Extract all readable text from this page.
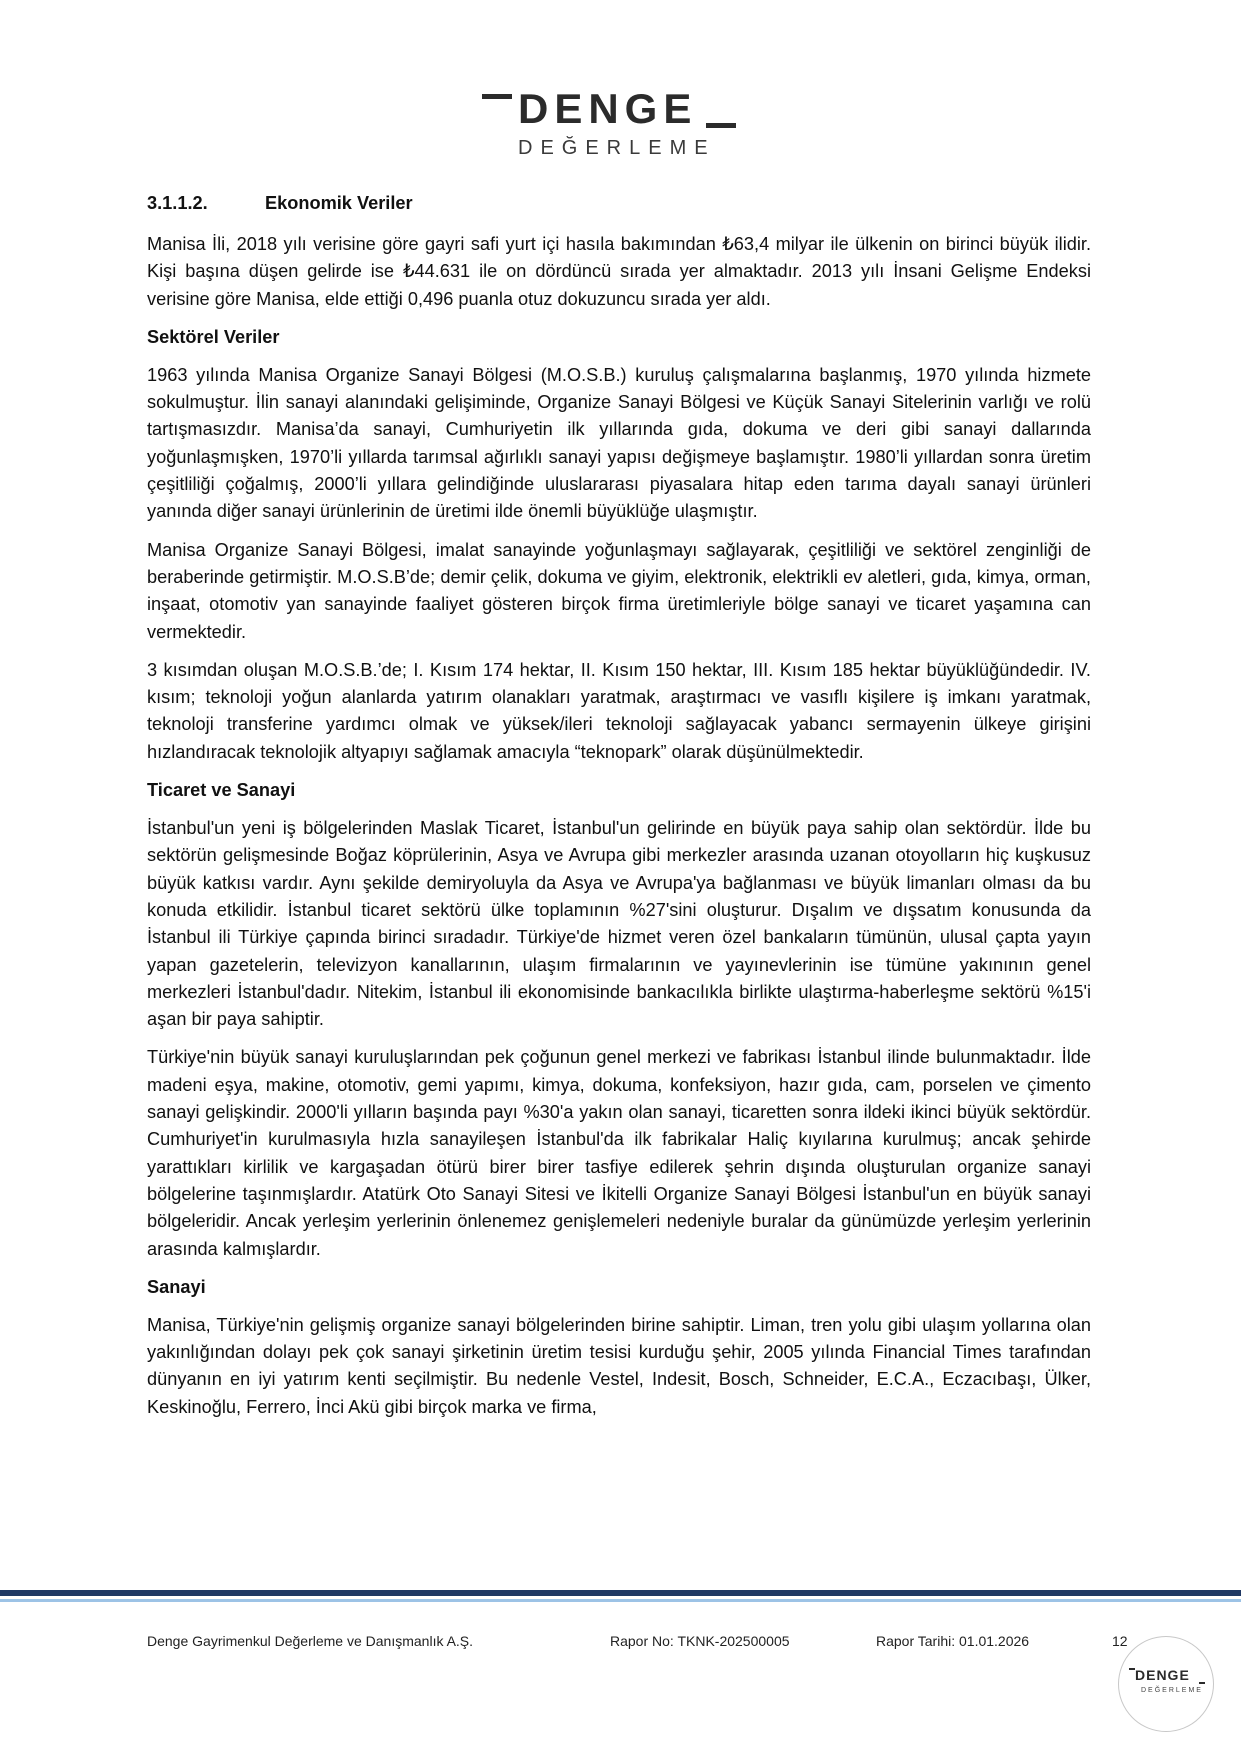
DENGE
DEĞERLEME
3.1.1.2.	Ekonomik Veriler

Manisa İli, 2018 yılı verisine göre gayri safi yurt içi hasıla bakımından ₺63,4 milyar ile ülkenin on birinci büyük ilidir. Kişi başına düşen gelirde ise ₺44.631 ile on dördüncü sırada yer almaktadır. 2013 yılı İnsani Gelişme Endeksi verisine göre Manisa, elde ettiği 0,496 puanla otuz dokuzuncu sırada yer aldı.

Sektörel Veriler

1963 yılında Manisa Organize Sanayi Bölgesi (M.O.S.B.) kuruluş çalışmalarına başlanmış, 1970 yılında hizmete sokulmuştur. İlin sanayi alanındaki gelişiminde, Organize Sanayi Bölgesi ve Küçük Sanayi Sitelerinin varlığı ve rolü tartışmasızdır. Manisa’da sanayi, Cumhuriyetin ilk yıllarında gıda, dokuma ve deri gibi sanayi dallarında yoğunlaşmışken, 1970’li yıllarda tarımsal ağırlıklı sanayi yapısı değişmeye başlamıştır. 1980’li yıllardan sonra üretim çeşitliliği çoğalmış, 2000’li yıllara gelindiğinde uluslararası piyasalara hitap eden tarıma dayalı sanayi ürünleri yanında diğer sanayi ürünlerinin de üretimi ilde önemli büyüklüğe ulaşmıştır.

Manisa Organize Sanayi Bölgesi, imalat sanayinde yoğunlaşmayı sağlayarak, çeşitliliği ve sektörel zenginliği de beraberinde getirmiştir. M.O.S.B’de; demir çelik, dokuma ve giyim, elektronik, elektrikli ev aletleri, gıda, kimya, orman, inşaat, otomotiv yan sanayinde faaliyet gösteren birçok firma üretimleriyle bölge sanayi ve ticaret yaşamına can vermektedir.

3 kısımdan oluşan M.O.S.B.’de; I. Kısım 174 hektar, II. Kısım 150 hektar, III. Kısım 185 hektar büyüklüğündedir. IV. kısım; teknoloji yoğun alanlarda yatırım olanakları yaratmak, araştırmacı ve vasıflı kişilere iş imkanı yaratmak, teknoloji transferine yardımcı olmak ve yüksek/ileri teknoloji sağlayacak yabancı sermayenin ülkeye girişini hızlandıracak teknolojik altyapıyı sağlamak amacıyla “teknopark” olarak düşünülmektedir.

Ticaret ve Sanayi

İstanbul'un yeni iş bölgelerinden Maslak Ticaret, İstanbul'un gelirinde en büyük paya sahip olan sektördür. İlde bu sektörün gelişmesinde Boğaz köprülerinin, Asya ve Avrupa gibi merkezler arasında uzanan otoyolların hiç kuşkusuz büyük katkısı vardır. Aynı şekilde demiryoluyla da Asya ve Avrupa'ya bağlanması ve büyük limanları olması da bu konuda etkilidir. İstanbul ticaret sektörü ülke toplamının %27'sini oluşturur. Dışalım ve dışsatım konusunda da İstanbul ili Türkiye çapında birinci sıradadır. Türkiye'de hizmet veren özel bankaların tümünün, ulusal çapta yayın yapan gazetelerin, televizyon kanallarının, ulaşım firmalarının ve yayınevlerinin ise tümüne yakınının genel merkezleri İstanbul'dadır. Nitekim, İstanbul ili ekonomisinde bankacılıkla birlikte ulaştırma-haberleşme sektörü %15'i aşan bir paya sahiptir.

Türkiye'nin büyük sanayi kuruluşlarından pek çoğunun genel merkezi ve fabrikası İstanbul ilinde bulunmaktadır. İlde madeni eşya, makine, otomotiv, gemi yapımı, kimya, dokuma, konfeksiyon, hazır gıda, cam, porselen ve çimento sanayi gelişkindir. 2000'li yılların başında payı %30'a yakın olan sanayi, ticaretten sonra ildeki ikinci büyük sektördür. Cumhuriyet'in kurulmasıyla hızla sanayileşen İstanbul'da ilk fabrikalar Haliç kıyılarına kurulmuş; ancak şehirde yarattıkları kirlilik ve kargaşadan ötürü birer birer tasfiye edilerek şehrin dışında oluşturulan organize sanayi bölgelerine taşınmışlardır. Atatürk Oto Sanayi Sitesi ve İkitelli Organize Sanayi Bölgesi İstanbul'un en büyük sanayi bölgeleridir. Ancak yerleşim yerlerinin önlenemez genişlemeleri nedeniyle buralar da günümüzde yerleşim yerlerinin arasında kalmışlardır.

Sanayi

Manisa, Türkiye'nin gelişmiş organize sanayi bölgelerinden birine sahiptir. Liman, tren yolu gibi ulaşım yollarına olan yakınlığından dolayı pek çok sanayi şirketinin üretim tesisi kurduğu şehir, 2005 yılında Financial Times tarafından dünyanın en iyi yatırım kenti seçilmiştir. Bu nedenle Vestel, Indesit, Bosch, Schneider, E.C.A., Eczacıbaşı, Ülker, Keskinoğlu, Ferrero, İnci Akü gibi birçok marka ve firma,

Denge Gayrimenkul Değerleme ve Danışmanlık A.Ş.	Rapor No: TKNK-202500005	Rapor Tarihi: 01.01.2026	12
DENGE
DEĞERLEME
